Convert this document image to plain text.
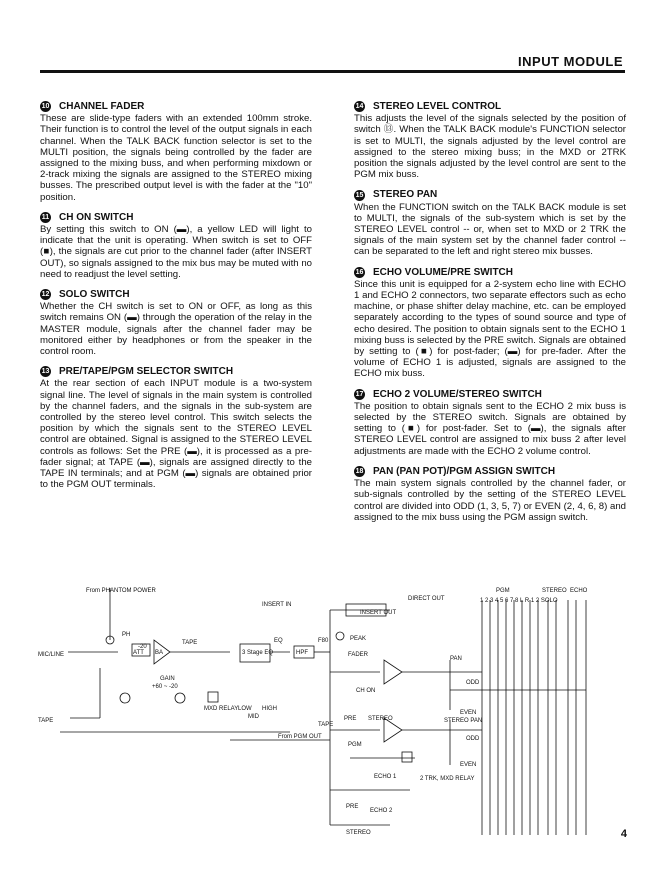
INPUT MODULE
10 CHANNEL FADER

These are slide-type faders with an extended 100mm stroke. Their function is to control the level of the output signals in each channel. When the TALK BACK function selector is set to the MULTI position, the signals being controlled by the fader are assigned to the mixing buss, and when performing mixdown or 2-track mixing the signals are assigned to the STEREO mixing busses. The prescribed output level is with the fader at the "10" position.

11 CH ON SWITCH

By setting this switch to ON (▬), a yellow LED will light to indicate that the unit is operating. When switch is set to OFF (■), the signals are cut prior to the channel fader (after INSERT OUT), so signals assigned to the mix bus may be muted with no need to readjust the level setting.

12 SOLO SWITCH

Whether the CH switch is set to ON or OFF, as long as this switch remains ON (▬) through the operation of the relay in the MASTER module, signals after the channel fader may be monitored either by headphones or from the speaker in the control room.

13 PRE/TAPE/PGM SELECTOR SWITCH

At the rear section of each INPUT module is a two-system signal line. The level of signals in the main system is controlled by the channel faders, and the signals in the sub-system are controlled by the stereo level control. This switch selects the position by which the signals sent to the STEREO LEVEL control are obtained. Signal is assigned to the STEREO LEVEL controls as follows: Set the PRE (▬), it is processed as a pre-fader signal; at TAPE (▬), signals are assigned directly to the TAPE IN terminals; and at PGM (▬) signals are obtained prior to the PGM OUT terminals.

14 STEREO LEVEL CONTROL

This adjusts the level of the signals selected by the position of switch ⑬. When the TALK BACK module's FUNCTION selector is set to MULTI, the signals adjusted by the level control are assigned to the stereo mixing buss; in the MXD or 2TRK position the signals adjusted by the level control are sent to the PGM mix buss.

15 STEREO PAN

When the FUNCTION switch on the TALK BACK module is set to MULTI, the signals of the sub-system which is set by the STEREO LEVEL control -- or, when set to MXD or 2 TRK the signals of the main system set by the channel fader control -- can be separated to the left and right stereo mix busses.

16 ECHO VOLUME/PRE SWITCH

Since this unit is equipped for a 2-system echo line with ECHO 1 and ECHO 2 connectors, two separate effectors such as echo machine, or phase shifter delay machine, etc. can be employed separately according to the types of sound source and type of echo desired. The position to obtain signals sent to the ECHO 1 mixing buss is selected by the PRE switch. Signals are obtained by setting to (■) for post-fader; (▬) for pre-fader. After the volume of ECHO 1 is adjusted, signals are assigned to the ECHO mix buss.

17 ECHO 2 VOLUME/STEREO SWITCH

The position to obtain signals sent to the ECHO 2 mix buss is selected by the STEREO switch. Signals are obtained by setting to (■) for post-fader. Set to (▬), the signals after STEREO LEVEL control are assigned to mix buss 2 after level adjustments are made with the ECHO 2 volume control.

18 PAN (PAN POT)/PGM ASSIGN SWITCH

The main system signals controlled by the channel fader, or sub-signals controlled by the setting of the STEREO LEVEL control are divided into ODD (1, 3, 5, 7) or EVEN (2, 4, 6, 8) and assigned to the mix buss using the PGM assign switch.

From PHANTOM POWER
INSERT IN
INSERT OUT
DIRECT OUT
PGM	STEREO ECHO
1 2 3 4 5 6 7 8 L R 1 2 SOLO
MIC/LINE
TAPE
PH
-20
ATT BA
GAIN
+60 ~ -20
TAPE	EQ
3 Stage EQ	HPF
F80	PEAK
FADER
CH ON
PAN
ODD
EVEN
MXD RELAY LOW HIGH
MID
TAPE
From PGM OUT
PRE STEREO	STEREO PAN
PGM
ODD
EVEN
ECHO 1	2 TRK, MXD RELAY
PRE
ECHO 2
STEREO	4
